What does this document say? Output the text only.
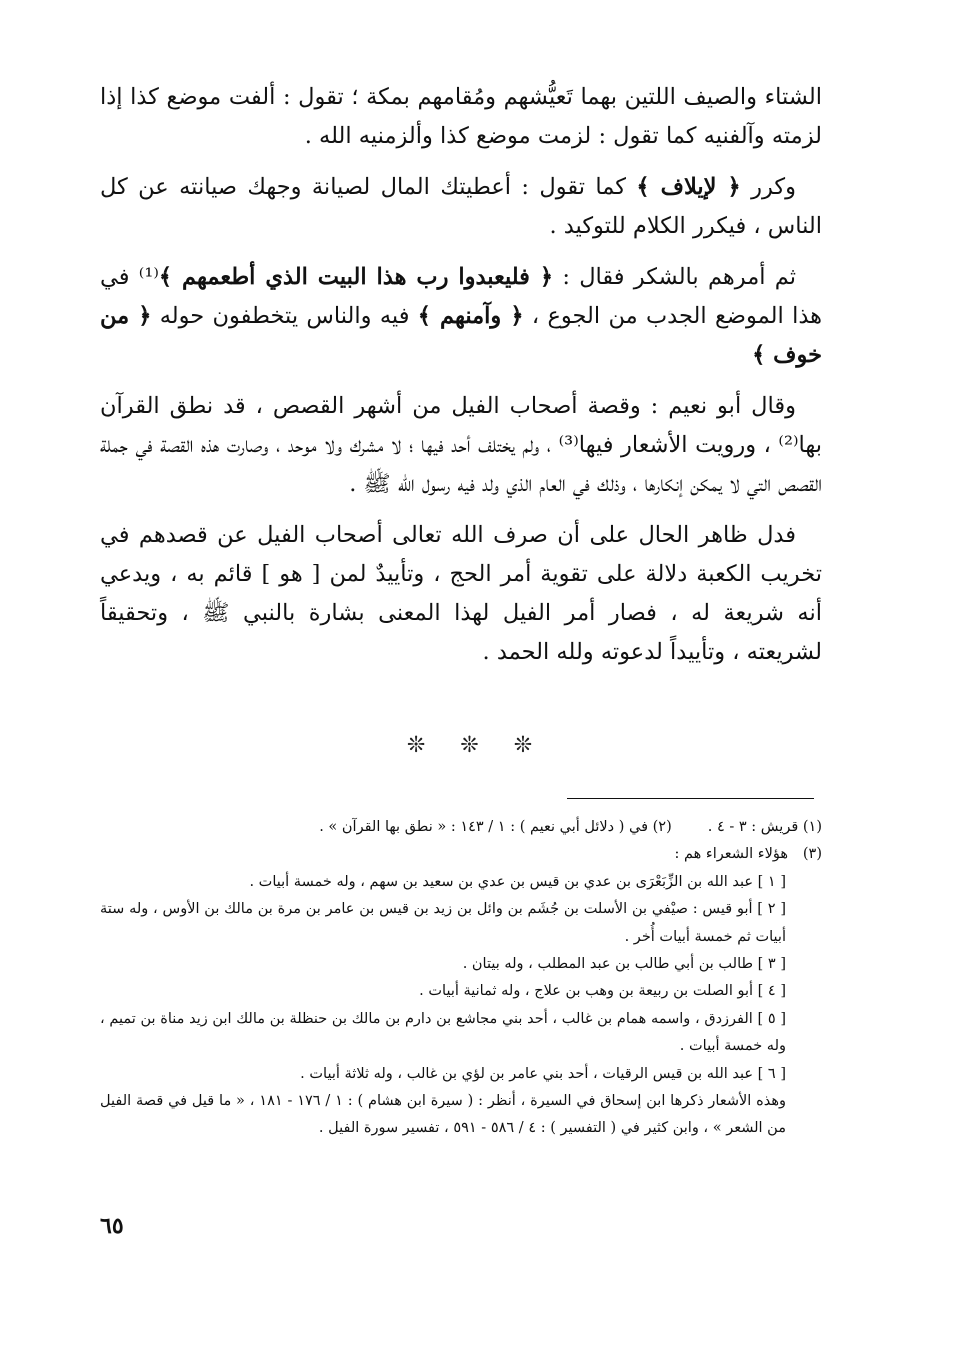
الشتاء والصيف اللتين بهما تَعيُّشهم ومُقامهم بمكة ؛ تقول : ألفت موضع كذا إذا لزمته وآلفنيه كما تقول : لزمت موضع كذا وألزمنيه الله .

وكرر ﴿ لإيلاف ﴾ كما تقول : أعطيتك المال لصيانة وجهك صيانته عن كل الناس ، فيكرر الكلام للتوكيد .

ثم أمرهم بالشكر فقال : ﴿ فليعبدوا رب هذا البيت الذي أطعمهم ﴾⁽¹⁾ في هذا الموضع الجدب من الجوع ، ﴿ وآمنهم ﴾ فيه والناس يتخطفون حوله ﴿ من خوف ﴾

وقال أبو نعيم : وقصة أصحاب الفيل من أشهر القصص ، قد نطق القرآن بها⁽²⁾ ، ورويت الأشعار فيها⁽³⁾ ، ولم يختلف أحد فيها ؛ لا مشرك ولا موحد ، وصارت هذه القصة في جملة القصص التي لا يمكن إنكارها ، وذلك في العام الذي ولد فيه رسول الله ﷺ .

فدل ظاهر الحال على أن صرف الله تعالى أصحاب الفيل عن قصدهم في تخريب الكعبة دلالة على تقوية أمر الحج ، وتأييدٌ لمن [ هو ] قائم به ، ويدعي أنه شريعة له ، فصار أمر الفيل لهذا المعنى بشارة بالنبي ﷺ ، وتحقيقاً لشريعته ، وتأييداً لدعوته ولله الحمد .

❊ ❊ ❊
(١) قريش : ٣ - ٤ .
(٢) في ( دلائل أبي نعيم ) : ١ / ١٤٣ : « نطق بها القرآن » .

(٣)هؤلاء الشعراء هم :

[ ١ ] عبد الله بن الزِّبَعْرَى بن عدي بن قيس بن عدي بن سعيد بن سهم ، وله خمسة أبيات .

[ ٢ ] أبو قيس : صيْفي بن الأسلت بن جُشَم بن وائل بن زيد بن قيس بن عامر بن مرة بن مالك بن الأوس ، وله ستة أبيات ثم خمسة أبيات أُخر .

[ ٣ ] طالب بن أبي طالب بن عبد المطلب ، وله بيتان .

[ ٤ ] أبو الصلت بن ربيعة بن وهب بن علاج ، وله ثمانية أبيات .

[ ٥ ] الفرزدق ، واسمه همام بن غالب ، أحد بني مجاشع بن دارم بن مالك بن حنظلة بن مالك ابن زيد مناة بن تميم ، وله خمسة أبيات .

[ ٦ ] عبد الله بن قيس الرقيات ، أحد بني عامر بن لؤي بن غالب ، وله ثلاثة أبيات .

وهذه الأشعار ذكرها ابن إسحاق في السيرة ، أنظر : ( سيرة ابن هشام ) : ١ / ١٧٦ - ١٨١ ، « ما قيل في قصة الفيل من الشعر » ، وابن كثير في ( التفسير ) : ٤ / ٥٨٦ - ٥٩١ ، تفسير سورة الفيل .

٦٥
